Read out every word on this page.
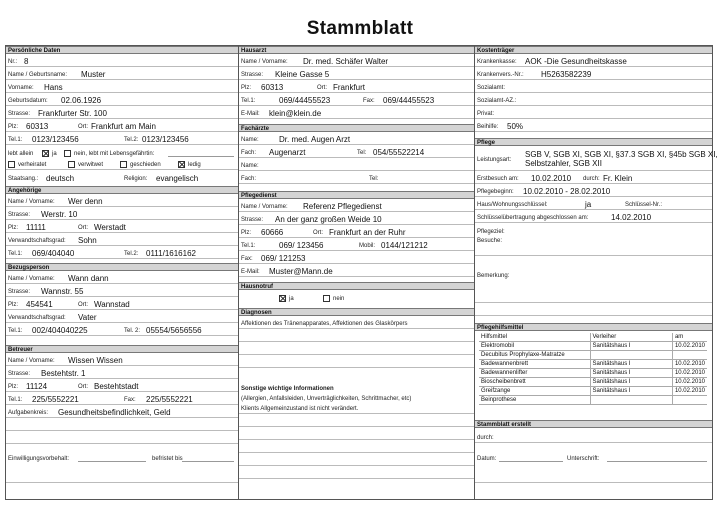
Stammblatt
Persönliche Daten
Nr.: 8
Name / Geburtsname: Muster
Vorname: Hans
Geburtsdatum: 02.06.1926
Strasse: Frankfurter Str. 100
Plz: 60313	Ort: Frankfurt am Main
Tel.1: 0123/123456	Tel.2: 0123/123456
lebt allein	ja	nein, lebt mit Lebensgefährtin:
verheiratet	verwitwet	geschieden	ledig
Staatsang.: deutsch	Religion: evangelisch
Angehörige
Name / Vorname: Wer denn
Strasse: Werstr. 10
Plz: 11111	Ort: Werstadt
Verwandtschaftsgrad: Sohn
Tel.1: 069/404040	Tel.2: 0111/1616162
Bezugsperson
Name / Vorname: Wann dann
Strasse: Wannstr. 55
Plz: 454541	Ort: Wannstad
Verwandtschaftsgrad: Vater
Tel.1: 002/404040225	Tel. 2: 05554/5656556
Betreuer
Name / Vorname: Wissen Wissen
Strasse: Bestehtstr. 1
Plz: 11124	Ort: Bestehtstadt
Tel.1: 225/5552221	Fax: 225/5552221
Aufgabenkreis: Gesundheitsbefindlichkeit, Geld
Einwilligungsvorbehalt:	befristet bis
Hausarzt
Name / Vorname: Dr. med. Schäfer Walter
Strasse: Kleine Gasse 5
Plz: 60313	Ort: Frankfurt
Tel.1:	069/44455523	Fax: 069/44455523
E-Mail: klein@klein.de
Fachärzte
Name:	Dr. med. Augen Arzt
Fach: Augenarzt	Tel: 054/55522214
Name:
Fach:	Tel:
Pflegedienst
Name / Vorname: Referenz Pflegedienst
Strasse: An der ganz großen Weide 10
Plz: 60666	Ort: Frankfurt an der Ruhr
Tel.1:	069/ 123456	Mobil: 0144/121212
Fax: 069/ 121253
E-Mail: Muster@Mann.de
Hausnotruf
ja	nein
Diagnosen
Affektionen des Tränenapparates, Affektionen des Glaskörpers
Sonstige wichtige Informationen
(Allergien, Anfallsleiden, Unverträglichkeiten, Schrittmacher, etc)
Klients Allgemeinzustand ist nicht verändert.
Kostenträger
Krankenkasse: AOK -Die Gesundheitskasse
Krankenvers.-Nr.: H5263582239
Sozialamt:
Sozialamt-AZ.:
Privat:
Beihilfe: 50%
Pflege
Leistungsart:
SGB V, SGB XI, SGB XI, §37.3 SGB XI, §45b SGB XI,
Selbstzahler, SGB XII
Erstbesuch am: 10.02.2010 durch: Fr. Klein
Pflegebeginn: 10.02.2010 - 28.02.2010
Haus/Wohnungsschlüssel:	ja	Schlüssel-Nr.:
Schlüsselübertragung abgeschlossen am:	14.02.2010
Pflegeziel:
Besuche:
Bemerkung:
Pflegehilfsmittel
Hilfsmittel	Verleiher	am
Elektromobil	Sanitätshaus I	10.02.2010
Decubitus Prophylaxe-Matratze		
Badewannenbrett	Sanitätshaus I	10.02.2010
Badewannenlifter	Sanitätshaus I	10.02.2010
Bioscheibenbrett	Sanitätshaus I	10.02.2010
Greifzange	Sanitätshaus I	10.02.2010
Beinprothese		
Stammblatt erstellt
durch:
Datum:	Unterschrift:
